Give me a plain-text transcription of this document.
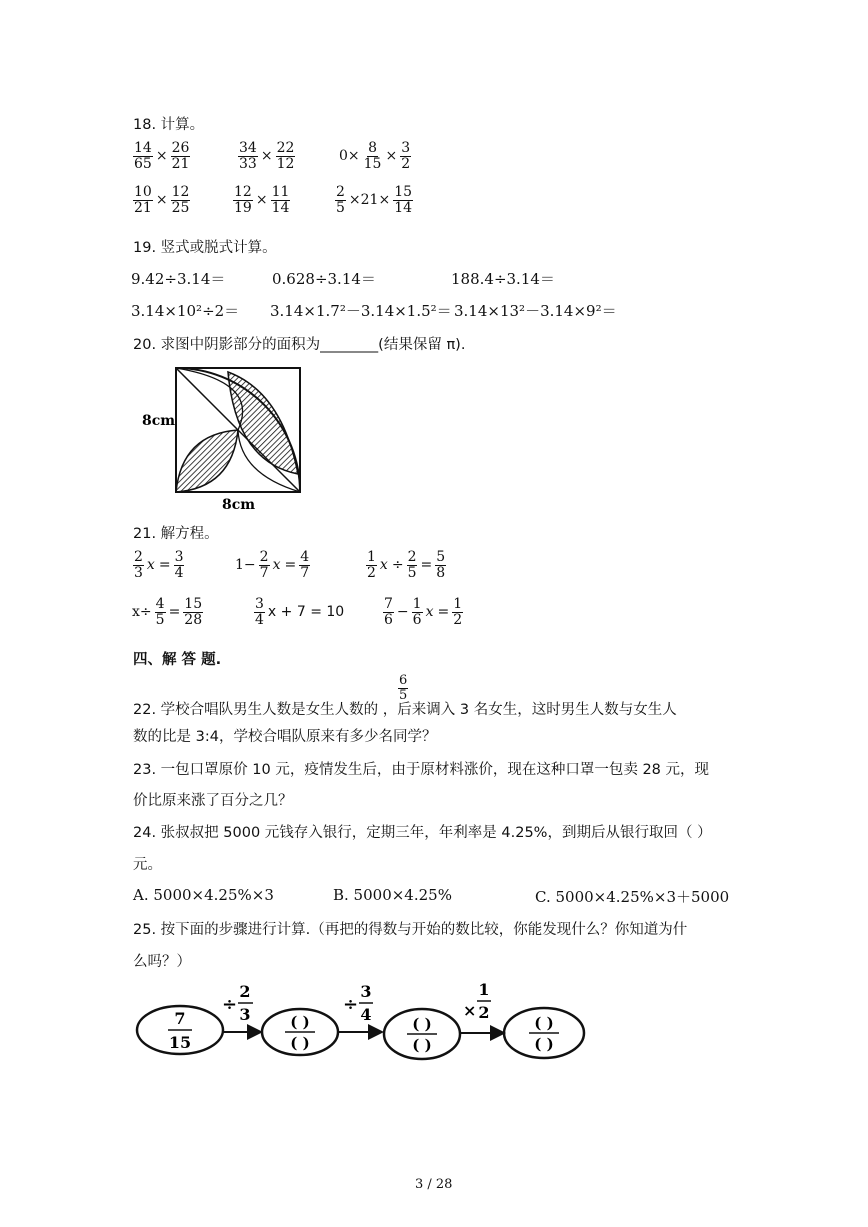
18. 计算。
$\frac{14}{65} \times \frac{26}{21}$	$\frac{34}{33} \times \frac{22}{12}$	$0\times \frac{8}{15} \times \frac{3}{2}$
$\frac{10}{21} \times \frac{12}{25}$	$\frac{12}{19} \times \frac{11}{14}$	$\frac{2}{5} \times 21\times \frac{15}{14}$
19. 竖式或脱式计算。
9.42÷3.14＝	0.628÷3.14＝	188.4÷3.14＝
3.14×10²÷2＝ 3.14×1.7²－3.14×1.5²＝ 3.14×13²－3.14×9²＝
20. 求图中阴影部分的面积为________(结果保留 π).
8cm
8cm
21. 解方程。
$\frac{2}{3}$ $x = \frac{3}{4}$	$1- \frac{2}{7}$ $x = \frac{4}{7}$	$\frac{1}{2}$ $x \div \frac{2}{5} = \frac{5}{8}$
$x\div \frac{4}{5} = \frac{15}{28}$	$\frac{3}{4}$ x + 7 = 10	$\frac{7}{6} - \frac{1}{6}$ $x = \frac{1}{2}$
四、解 答 题.
$\frac{6}{5}$
22. 学校合唱队男生人数是女生人数的 ，后来调入 3 名女生，这时男生人数与女生人
数的比是 3:4，学校合唱队原来有多少名同学？
23. 一包口罩原价 10 元，疫情发生后，由于原材料涨价，现在这种口罩一包卖 28 元，现
价比原来涨了百分之几？
24. 张叔叔把 5000 元钱存入银行，定期三年，年利率是 4.25%，到期后从银行取回（ ）
元。
A. 5000×4.25%×3	B. 5000×4.25%	C. 5000×4.25%×3＋5000
25. 按下面的步骤进行计算.（再把的得数与开始的数比较，你能发现什么？你知道为什
么吗？）
7
15
÷
2
3	( )
( )
÷
3
4	( )
( )
×
1
2
( )
( )
3 / 28
